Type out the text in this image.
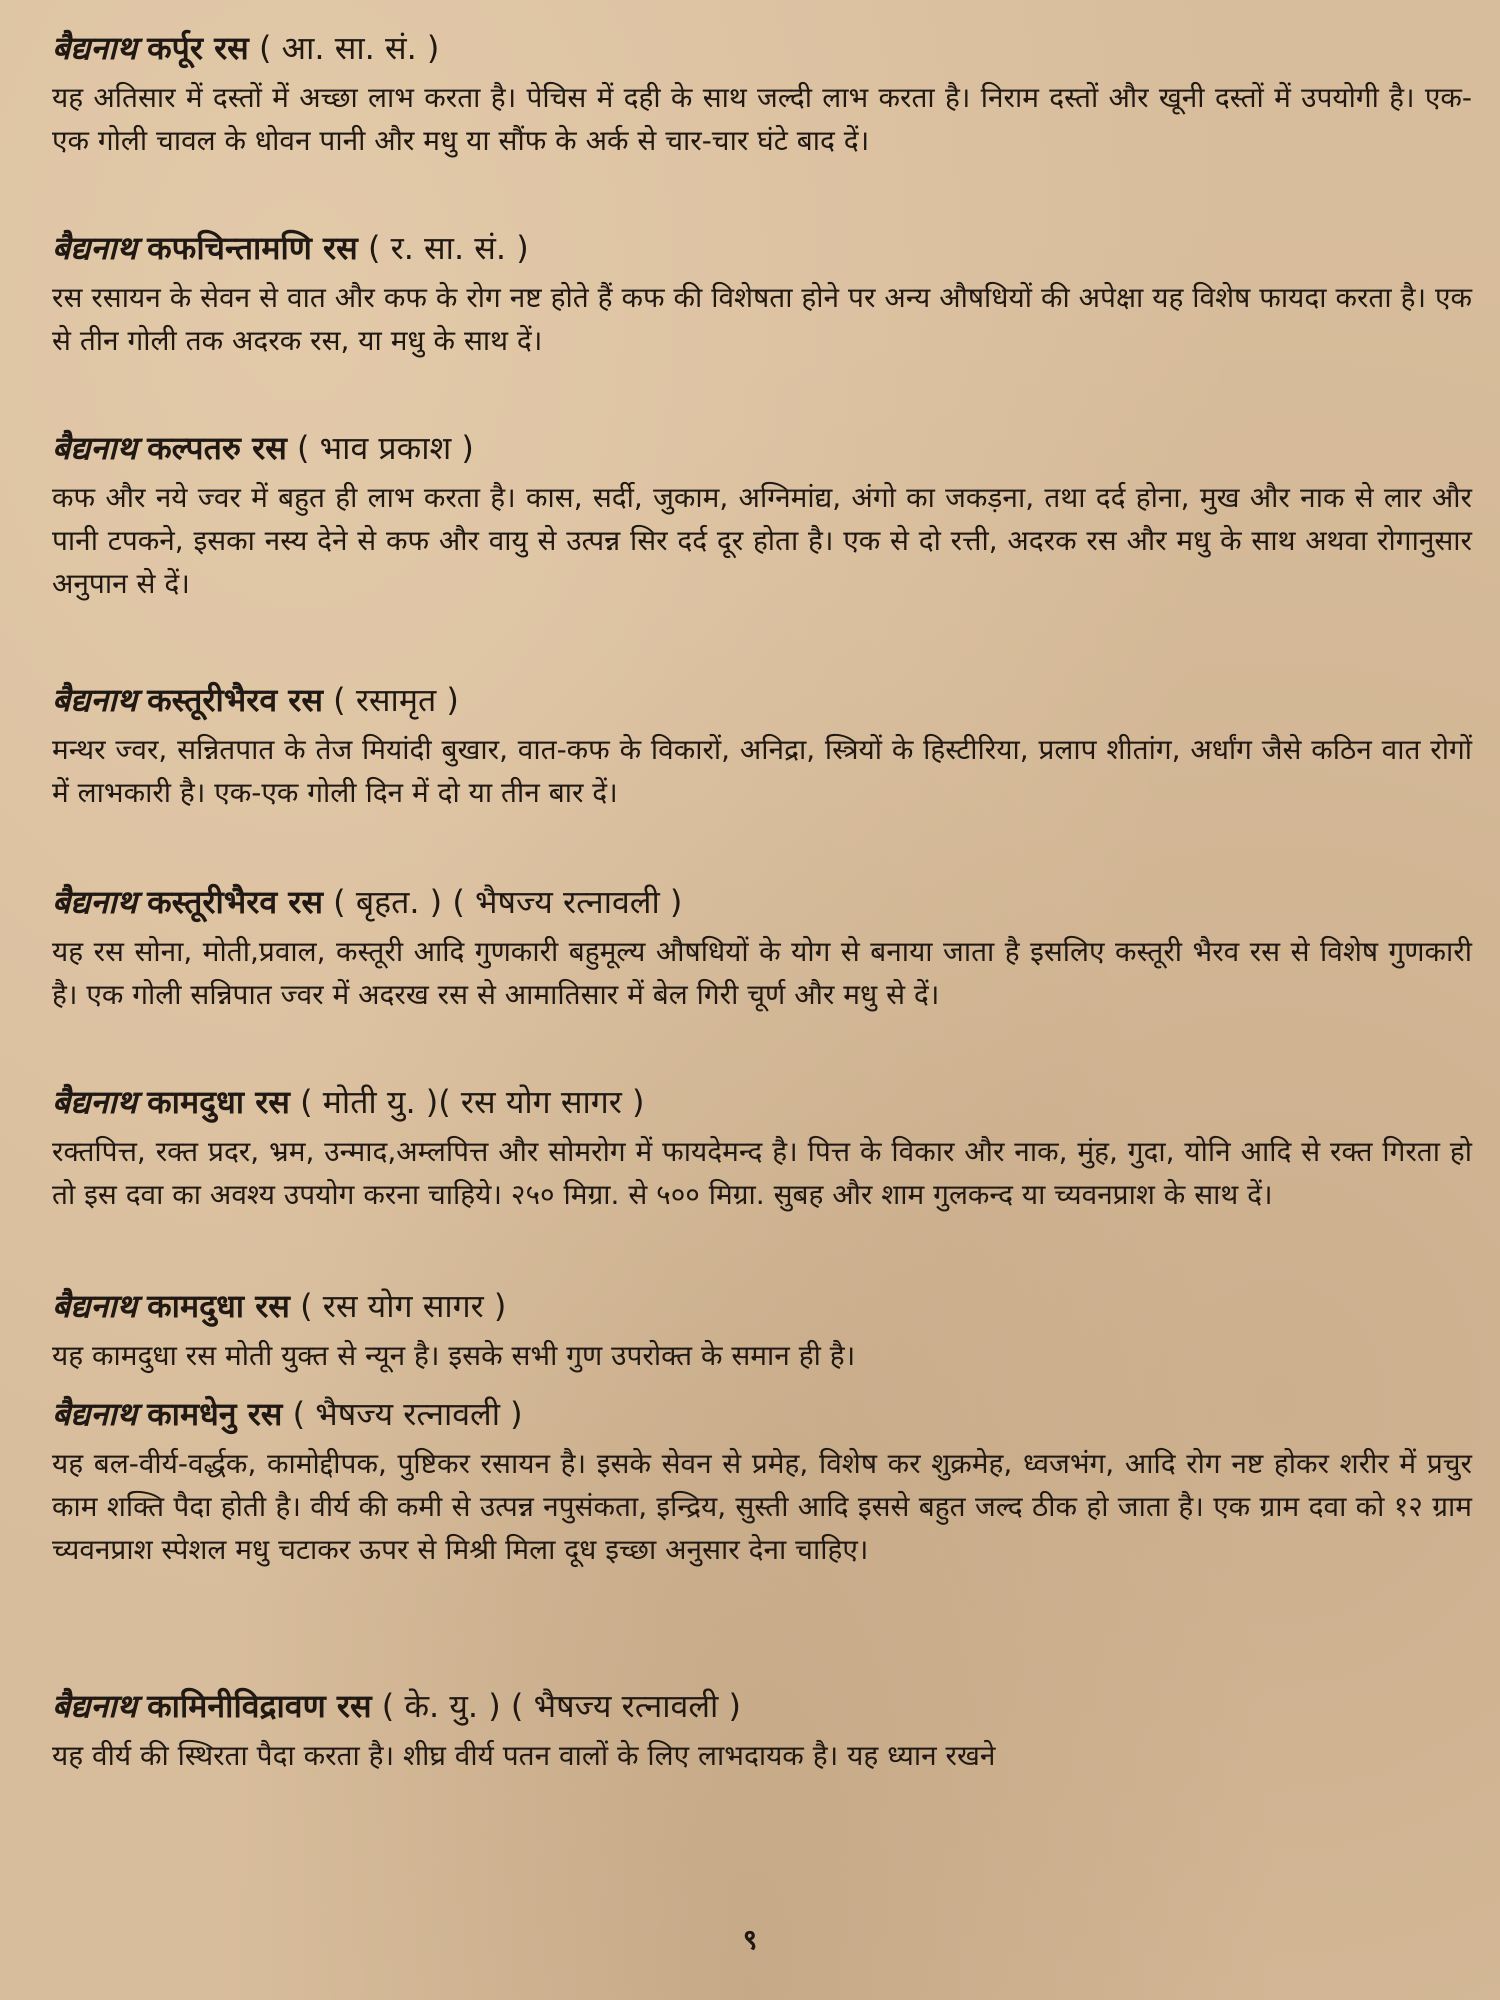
बैद्यनाथ कर्पूर रस ( आ. सा. सं. )

यह अतिसार में दस्तों में अच्छा लाभ करता है। पेचिस में दही के साथ जल्दी लाभ करता है। निराम दस्तों और खूनी दस्तों में उपयोगी है। एक-एक गोली चावल के धोवन पानी और मधु या सौंफ के अर्क से चार-चार घंटे बाद दें।

बैद्यनाथ कफचिन्तामणि रस ( र. सा. सं. )

रस रसायन के सेवन से वात और कफ के रोग नष्ट होते हैं कफ की विशेषता होने पर अन्य औषधियों की अपेक्षा यह विशेष फायदा करता है। एक से तीन गोली तक अदरक रस, या मधु के साथ दें।

बैद्यनाथ कल्पतरु रस ( भाव प्रकाश )

कफ और नये ज्वर में बहुत ही लाभ करता है। कास, सर्दी, जुकाम, अग्निमांद्य, अंगो का जकड़ना, तथा दर्द होना, मुख और नाक से लार और पानी टपकने, इसका नस्य देने से कफ और वायु से उत्पन्न सिर दर्द दूर होता है। एक से दो रत्ती, अदरक रस और मधु के साथ अथवा रोगानुसार अनुपान से दें।

बैद्यनाथ कस्तूरीभैरव रस ( रसामृत )

मन्थर ज्वर, सन्नितपात के तेज मियांदी बुखार, वात-कफ के विकारों, अनिद्रा, स्त्रियों के हिस्टीरिया, प्रलाप शीतांग, अर्धांग जैसे कठिन वात रोगों में लाभकारी है। एक-एक गोली दिन में दो या तीन बार दें।

बैद्यनाथ कस्तूरीभैरव रस ( बृहत. ) ( भैषज्य रत्नावली )

यह रस सोना, मोती,प्रवाल, कस्तूरी आदि गुणकारी बहुमूल्य औषधियों के योग से बनाया जाता है इसलिए कस्तूरी भैरव रस से विशेष गुणकारी है। एक गोली सन्निपात ज्वर में अदरख रस से आमातिसार में बेल गिरी चूर्ण और मधु से दें।

बैद्यनाथ कामदुधा रस ( मोती यु. )( रस योग सागर )

रक्तपित्त, रक्त प्रदर, भ्रम, उन्माद,अम्लपित्त और सोमरोग में फायदेमन्द है। पित्त के विकार और नाक, मुंह, गुदा, योनि आदि से रक्त गिरता हो तो इस दवा का अवश्य उपयोग करना चाहिये। २५० मिग्रा. से ५०० मिग्रा. सुबह और शाम गुलकन्द या च्यवनप्राश के साथ दें।

बैद्यनाथ कामदुधा रस ( रस योग सागर )

यह कामदुधा रस मोती युक्त से न्यून है। इसके सभी गुण उपरोक्त के समान ही है।

बैद्यनाथ कामधेनु रस ( भैषज्य रत्नावली )

यह बल-वीर्य-वर्द्धक, कामोद्दीपक, पुष्टिकर रसायन है। इसके सेवन से प्रमेह, विशेष कर शुक्रमेह, ध्वजभंग, आदि रोग नष्ट होकर शरीर में प्रचुर काम शक्ति पैदा होती है। वीर्य की कमी से उत्पन्न नपुसंकता, इन्द्रिय, सुस्ती आदि इससे बहुत जल्द ठीक हो जाता है। एक ग्राम दवा को १२ ग्राम च्यवनप्राश स्पेशल मधु चटाकर ऊपर से मिश्री मिला दूध इच्छा अनुसार देना चाहिए।

बैद्यनाथ कामिनीविद्रावण रस ( के. यु. ) ( भैषज्य रत्नावली )

यह वीर्य की स्थिरता पैदा करता है। शीघ्र वीर्य पतन वालों के लिए लाभदायक है। यह ध्यान रखने

९
